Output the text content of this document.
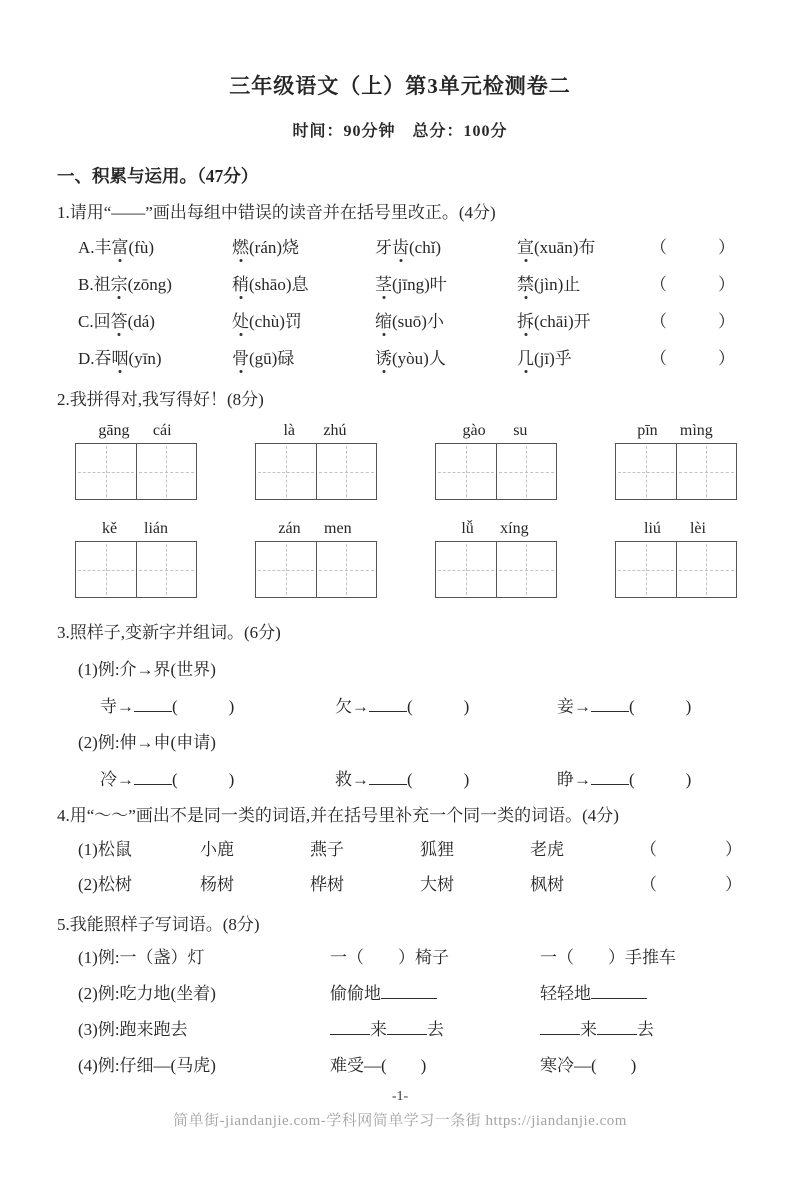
三年级语文（上）第3单元检测卷二
时间：90分钟　总分：100分
一、积累与运用。（47分）
1.请用“——”画出每组中错误的读音并在括号里改正。(4分)
A.丰富(fù)	燃(rán)烧	牙齿(chǐ)	宣(xuān)布	（　　　）
B.祖宗(zōng)	稍(shāo)息	茎(jīng)叶	禁(jìn)止	（　　　）
C.回答(dá)	处(chù)罚	缩(suō)小	拆(chāi)开	（　　　）
D.吞咽(yīn)	骨(gū)碌	诱(yòu)人	几(jī)乎	（　　　）
2.我拼得对,我写得好！(8分)
gāng cái	là zhú	gào su	pīn mìng
kě lián	zán men	lǚ xíng	liú lèi
3.照样子,变新字并组词。(6分)
(1)例:介→界(世界)
寺→ (　　　)	欠→ (　　　)	妾→ (　　　)
(2)例:伸→申(申请)
冷→ (　　　)	救→ (　　　)	睁→ (　　　)
4.用“～～”画出不是同一类的词语,并在括号里补充一个同一类的词语。(4分)
(1)松鼠	小鹿	燕子	狐狸	老虎	（　　　　）
(2)松树	杨树	桦树	大树	枫树	（　　　　）
5.我能照样子写词语。(8分)
(1)例:一（盏）灯	一（　　）椅子	一（　　）手推车
(2)例:吃力地(坐着)	偷偷地	轻轻地
(3)例:跑来跑去	来 去	来 去
(4)例:仔细—(马虎)	难受—(　　)	寒冷—(　　)
-1-
简单街-jiandanjie.com-学科网简单学习一条街 https://jiandanjie.com
